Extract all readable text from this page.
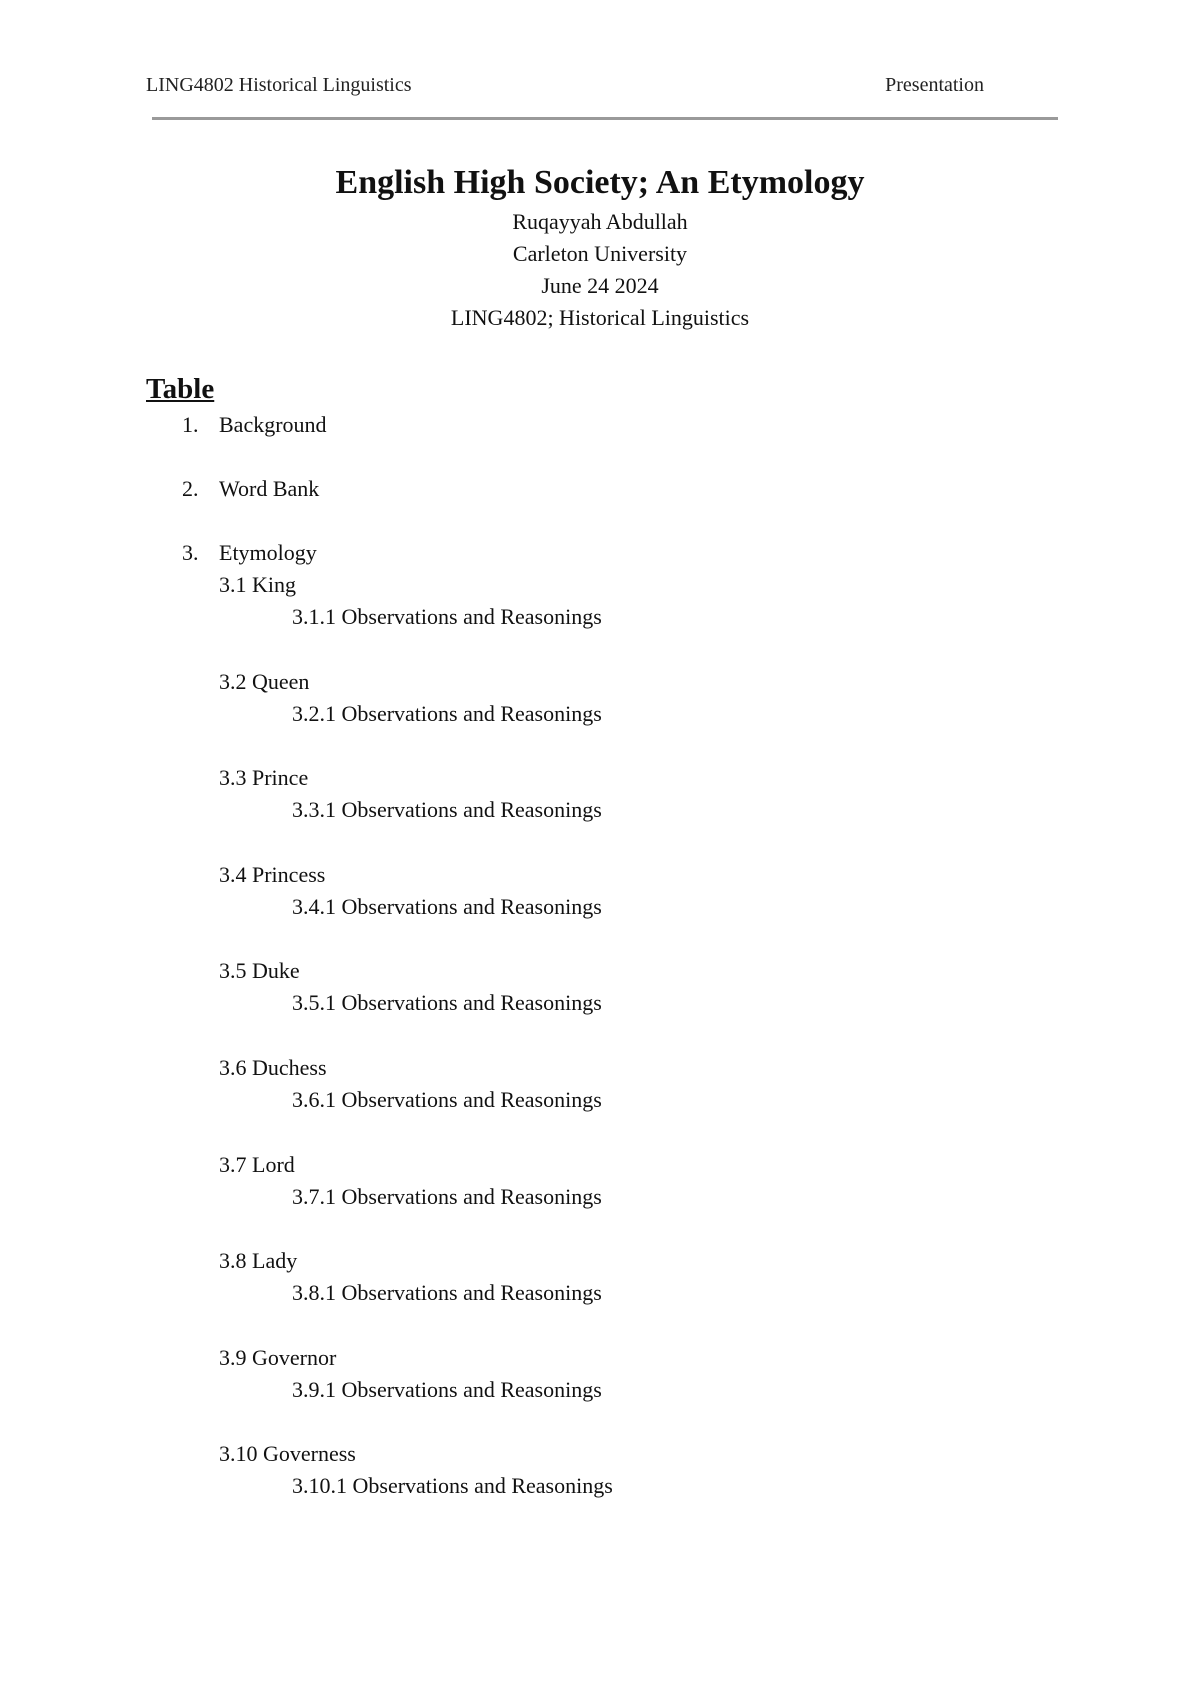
LING4802 Historical Linguistics	Presentation

English High Society; An Etymology

Ruqayyah Abdullah

Carleton University

June 24 2024

LING4802; Historical Linguistics

Table
1. Background
2. Word Bank
3. Etymology
3.1 King
3.1.1 Observations and Reasonings
3.2 Queen
3.2.1 Observations and Reasonings
3.3 Prince
3.3.1 Observations and Reasonings
3.4 Princess
3.4.1 Observations and Reasonings
3.5 Duke
3.5.1 Observations and Reasonings
3.6 Duchess
3.6.1 Observations and Reasonings
3.7 Lord
3.7.1 Observations and Reasonings
3.8 Lady
3.8.1 Observations and Reasonings
3.9 Governor
3.9.1 Observations and Reasonings
3.10 Governess
3.10.1 Observations and Reasonings
